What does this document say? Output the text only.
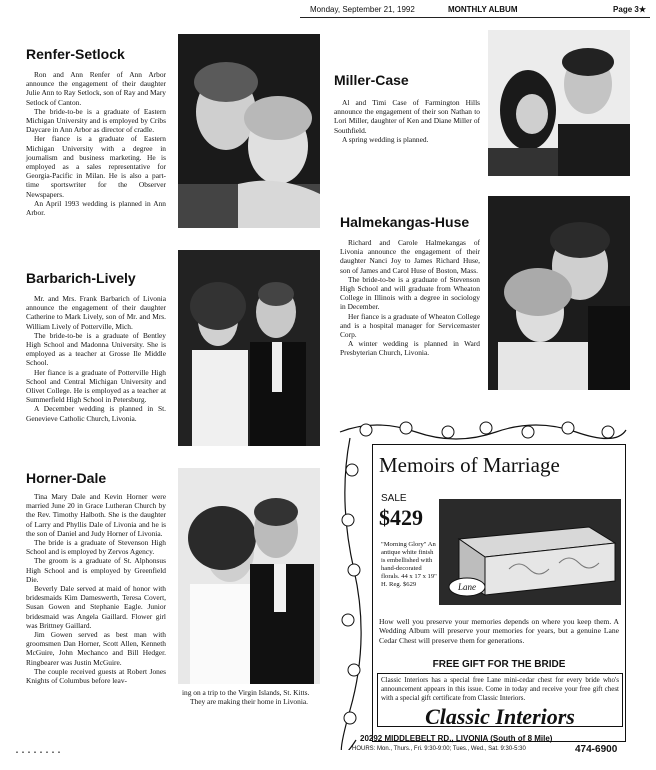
Monday, September 21, 1992	MONTHLY ALBUM	Page 3★
Renfer-Setlock

Ron and Ann Renfer of Ann Arbor announce the engagement of their daughter Julie Ann to Ray Setlock, son of Ray and Mary Setlock of Canton.

The bride-to-be is a graduate of Eastern Michigan University and is employed by Cribs Daycare in Ann Arbor as director of cradle.

Her fiance is a graduate of Eastern Michigan University with a degree in journalism and business marketing. He is employed as a sales representative for Georgia-Pacific in Milan. He is also a part-time sportswriter for the Observer Newspapers.

An April 1993 wedding is planned in Ann Arbor.

Barbarich-Lively

Mr. and Mrs. Frank Barbarich of Livonia announce the engagement of their daughter Catherine to Mark Lively, son of Mr. and Mrs. William Lively of Potterville, Mich.

The bride-to-be is a graduate of Bentley High School and Madonna University. She is employed as a teacher at Grosse Ile Middle School.

Her fiance is a graduate of Potterville High School and Central Michigan University and Olivet College. He is employed as a teacher at Summerfield High School in Petersburg.

A December wedding is planned in St. Genevieve Catholic Church, Livonia.

Horner-Dale

Tina Mary Dale and Kevin Horner were married June 20 in Grace Lutheran Church by the Rev. Timothy Halboth. She is the daughter of Larry and Phyllis Dale of Livonia and he is the son of Daniel and Judy Horner of Livonia.

The bride is a graduate of Stevenson High School and is employed by Zervos Agency.

The groom is a graduate of St. Alphonsus High School and is employed by Greenfield Die.

Beverly Dale served at maid of honor with bridesmaids Kim Dameswerth, Teresa Covert, Susan Gowen and Stephanie Eagle. Junior bridesmaid was Angela Gaillard. Flower girl was Brittney Gaillard.

Jim Gowen served as best man with groomsmen Dan Horner, Scott Allen, Kenneth McGuire, John Mechanco and Bill Hedger. Ringbearer was Justin McGuire.

The couple received guests at Robert Jones Knights of Columbus before leav-

ing on a trip to the Virgin Islands, St. Kitts.

They are making their home in Livonia.

Miller-Case

Al and Timi Case of Farmington Hills announce the engagement of their son Nathan to Lori Miller, daughter of Ken and Diane Miller of Southfield.

A spring wedding is planned.

Halmekangas-Huse

Richard and Carole Halmekangas of Livonia announce the engagement of their daughter Nanci Joy to James Richard Huse, son of James and Carol Huse of Boston, Mass.

The bride-to-be is a graduate of Stevenson High School and will graduate from Wheaton College in Illinois with a degree in sociology in December.

Her fiance is a graduate of Wheaton College and is a hospital manager for Servicemaster Corp.

A winter wedding is planned in Ward Presbyterian Church, Livonia.

Memoirs of Marriage
SALE
$429
"Morning Glory" An antique white finish is embellished with hand-decorated florals. 44 x 17 x 19" H. Reg. $629	Lane
How well you preserve your memories depends on where you keep them. A Wedding Album will preserve your memories for years, but a genuine Lane Cedar Chest will preserve them for generations.
FREE GIFT FOR THE BRIDE
Classic Interiors has a special free Lane mini-cedar chest for every bride who's announcement appears in this issue. Come in today and receive your free gift chest with a special gift certificate from Classic Interiors.
Classic Interiors
20292 MIDDLEBELT RD., LIVONIA (South of 8 Mile)
HOURS: Mon., Thurs., Fri. 9:30-9:00; Tues., Wed., Sat. 9:30-5:30	474-6900
........
